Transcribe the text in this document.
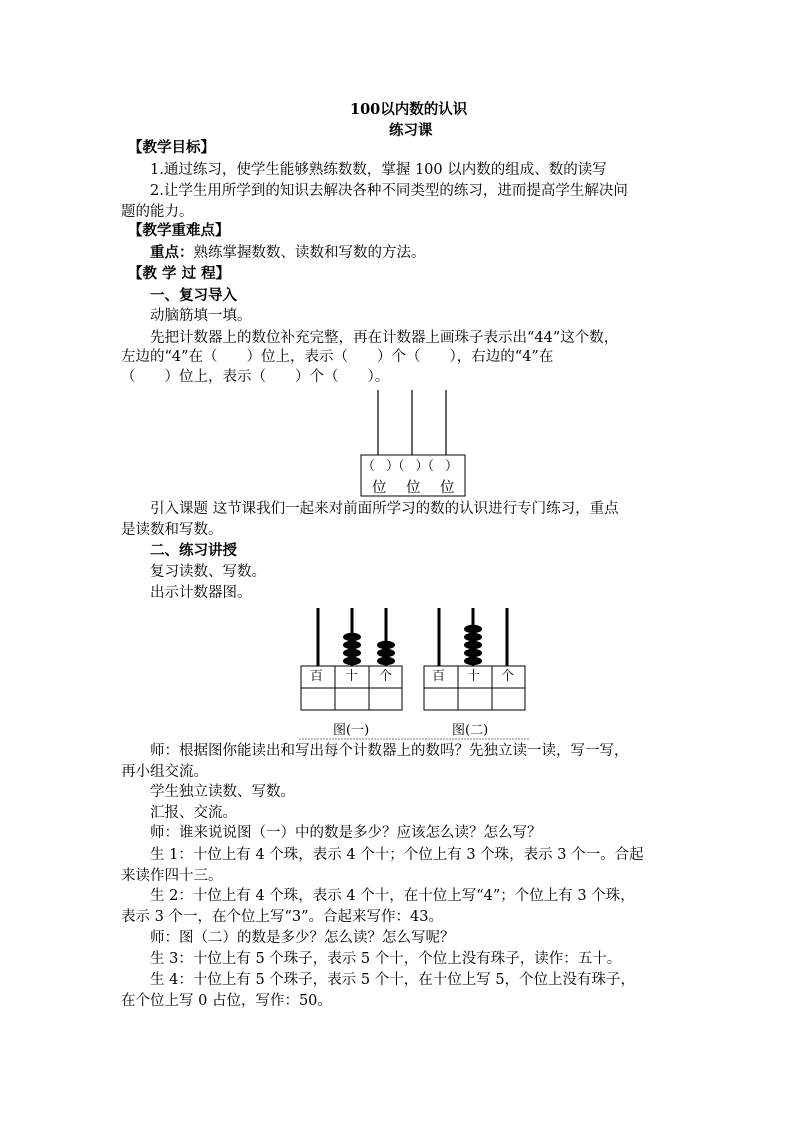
100以内数的认识
练习课
【教学目标】
1.通过练习，使学生能够熟练数数，掌握 100 以内数的组成、数的读写
2.让学生用所学到的知识去解决各种不同类型的练习，进而提高学生解决问
题的能力。
【教学重难点】
重点：熟练掌握数数、读数和写数的方法。
【教 学 过 程】
一、复习导入
动脑筋填一填。
先把计数器上的数位补充完整，再在计数器上画珠子表示出“44”这个数，
左边的“4”在（　　）位上，表示（　　）个（　　），右边的“4”在
（　　）位上，表示（　　）个（　　）。
（　）（　）（　）
位 位 位
引入课题 这节课我们一起来对前面所学习的数的认识进行专门练习，重点
是读数和写数。
二、练习讲授
复习读数、写数。
出示计数器图。
百 十 个	百 十 个
图(一)	图(二)
师：根据图你能读出和写出每个计数器上的数吗？先独立读一读，写一写，
再小组交流。
学生独立读数、写数。
汇报、交流。
师：谁来说说图（一）中的数是多少？应该怎么读？怎么写？
生 1：十位上有 4 个珠，表示 4 个十；个位上有 3 个珠，表示 3 个一。合起
来读作四十三。
生 2：十位上有 4 个珠，表示 4 个十，在十位上写“4”；个位上有 3 个珠，
表示 3 个一，在个位上写“3”。合起来写作：43。
师：图（二）的数是多少？怎么读？怎么写呢？
生 3：十位上有 5 个珠子，表示 5 个十，个位上没有珠子，读作：五十。
生 4：十位上有 5 个珠子，表示 5 个十，在十位上写 5，个位上没有珠子，
在个位上写 0 占位，写作：50。
